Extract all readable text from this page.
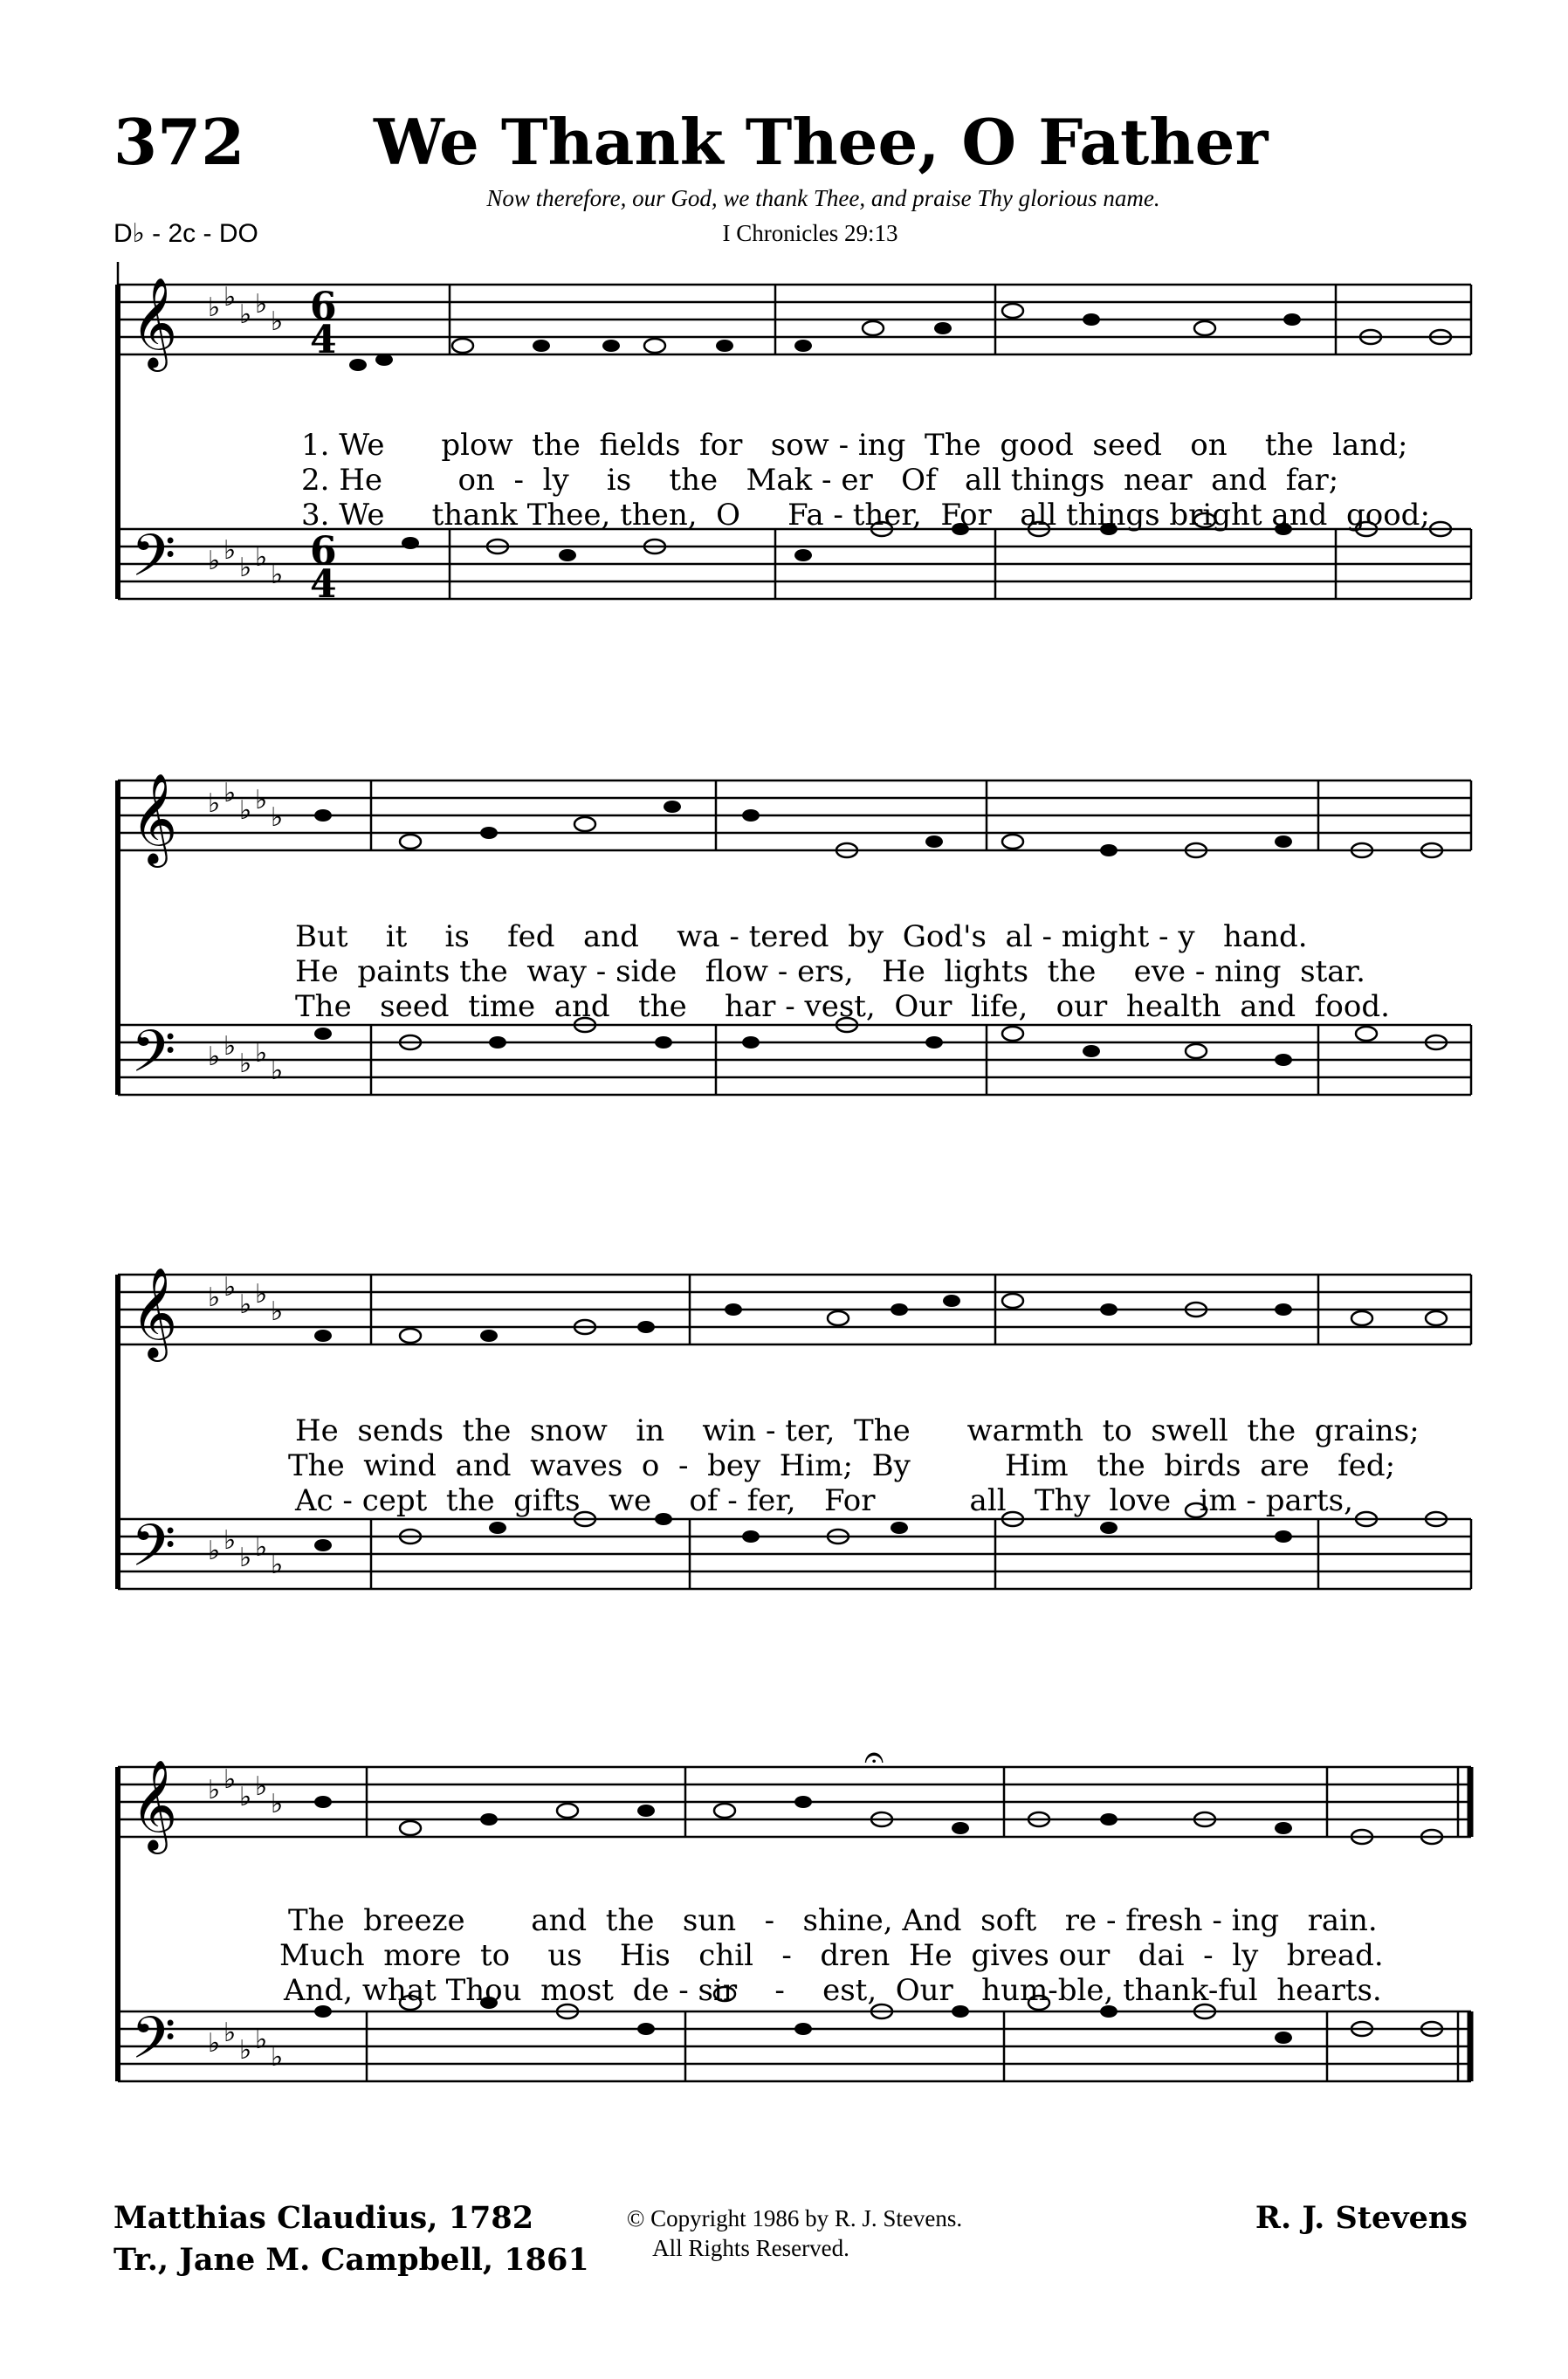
372 We Thank Thee, O Father
Now therefore, our God, we thank Thee, and praise Thy glorious name.
D♭ - 2c - DO	I Chronicles 29:13
𝄞
𝄢
♭ ♭
♭ ♭
♭
♭ ♭
♭ ♭
♭
6
4
6
4
1. We      plow  the  fields  for   sow - ing  The  good  seed   on    the  land;
2. He        on  -  ly    is    the   Mak - er   Of   all things  near  and  far;
3. We     thank Thee, then,  O     Fa - ther,  For   all things bright and  good;
𝄞
𝄢
♭ ♭
♭ ♭
♭
♭ ♭
♭ ♭
♭
But    it    is    fed   and    wa - tered  by  God's  al - might - y   hand.
He  paints the  way - side   flow - ers,   He  lights  the    eve - ning  star.
The   seed  time  and   the    har - vest,  Our  life,   our  health  and  food.
𝄞
𝄢
♭ ♭
♭ ♭
♭
♭ ♭
♭ ♭
♭
He  sends  the  snow   in    win - ter,  The      warmth  to  swell  the  grains;
The  wind  and  waves  o  -  bey  Him;  By          Him   the  birds  are   fed;
Ac - cept  the  gifts   we    of - fer,   For          all   Thy  love   im - parts,
𝄞
𝄢
♭ ♭
♭ ♭
♭
♭ ♭
♭ ♭
♭
𝄐
The  breeze       and  the   sun   -   shine, And  soft   re - fresh - ing   rain.
Much  more  to    us    His   chil   -   dren  He  gives our   dai  -  ly   bread.
And, what Thou  most  de - sir    -    est,  Our   hum-ble, thank-ful  hearts.
Matthias Claudius, 1782
Tr., Jane M. Campbell, 1861
© Copyright 1986 by R. J. Stevens.
All Rights Reserved.
R. J. Stevens
